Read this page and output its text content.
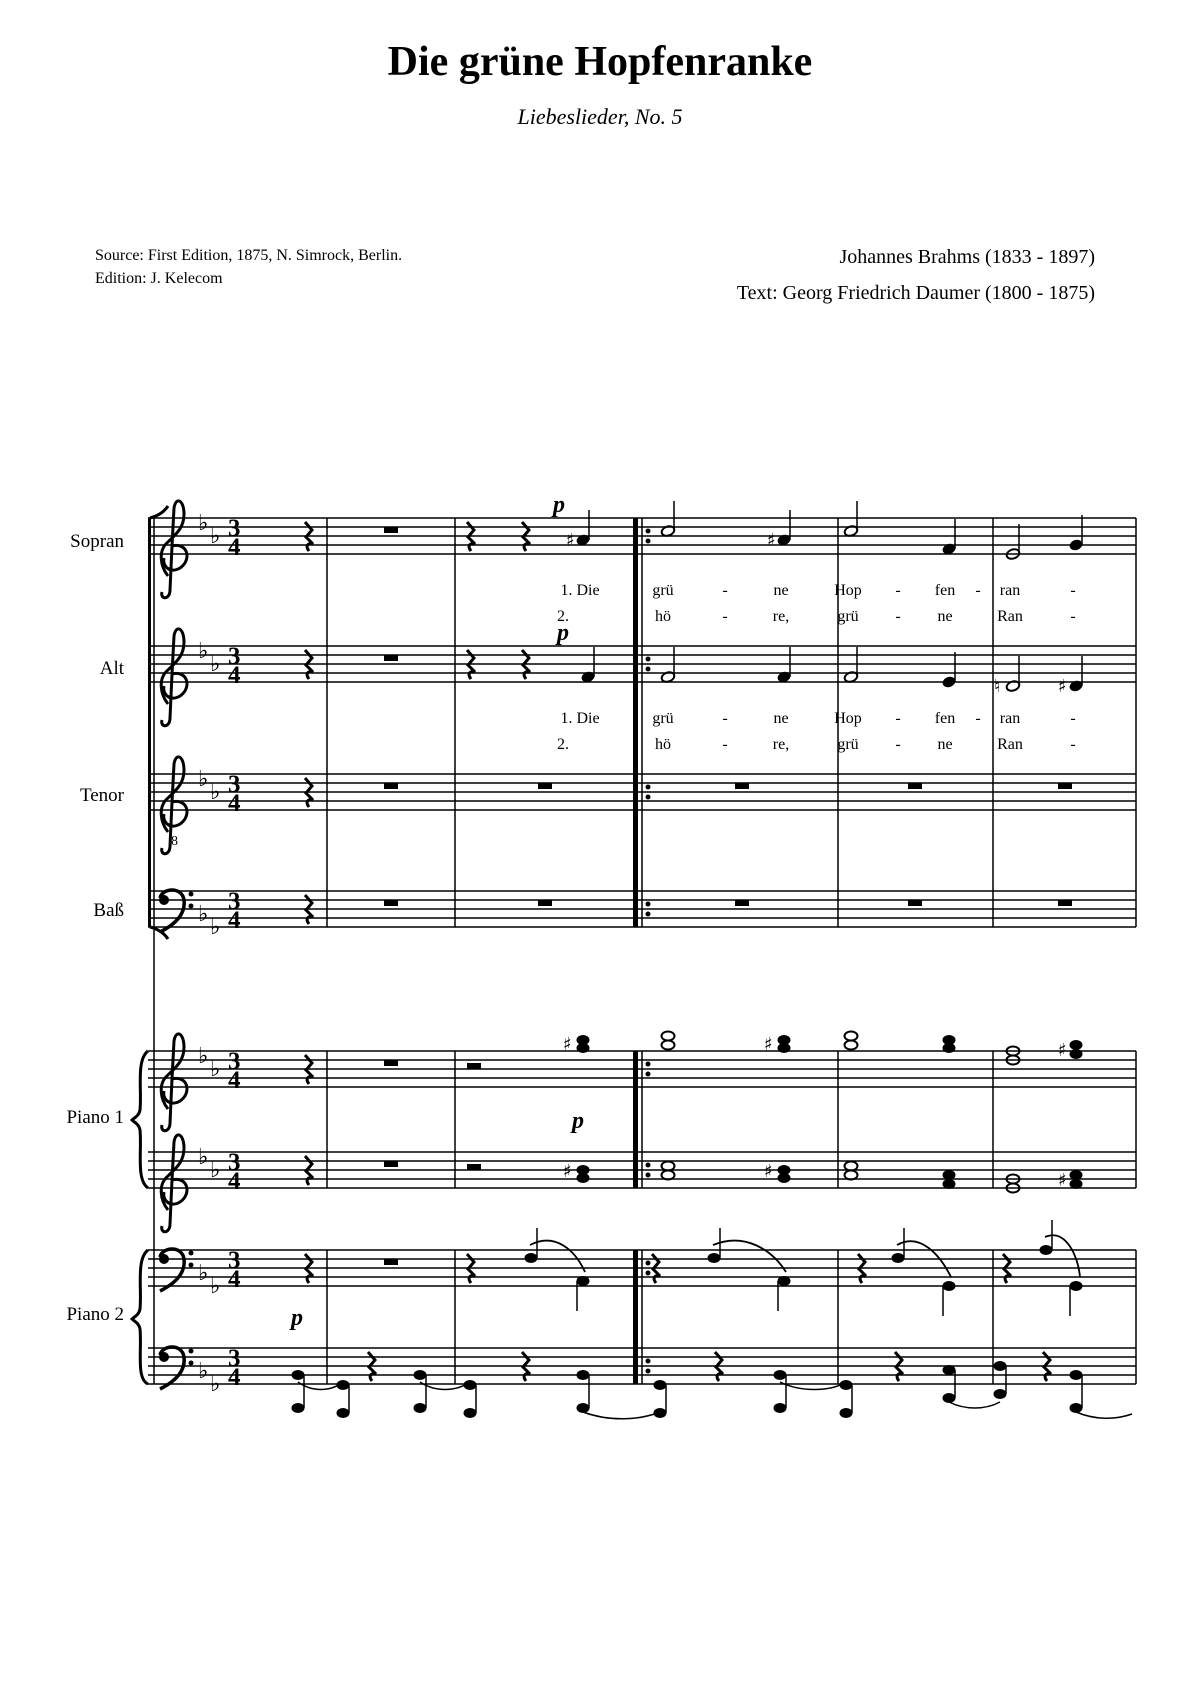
Die grüne Hopfenranke
Liebeslieder, No. 5
Source: First Edition, 1875, N. Simrock, Berlin.
Edition: J. Kelecom
Johannes Brahms (1833 - 1897)
Text: Georg Friedrich Daumer (1800 - 1875)
Sopran
Alt
Tenor
Baß
Piano 1
Piano 2
p
p
p
p
1. Die	grü	-	ne	Hop - fen - ran	-
2.	hö	-	re,	grü - ne	Ran	-
1. Die	grü	-	ne	Hop - fen - ran	-
2.	hö	-	re,	grü - ne	Ran	-
8
♭
♭
♭
♭
♭
♭
♭
♭
♭
♭
♭
♭
♭
♭
♭
♭
3
4
3
4
3
4
3
4
3
4
3
4
3
4
3
4
♯	♯
♮	♯
♯	♯	♯
♯	♯	♯
